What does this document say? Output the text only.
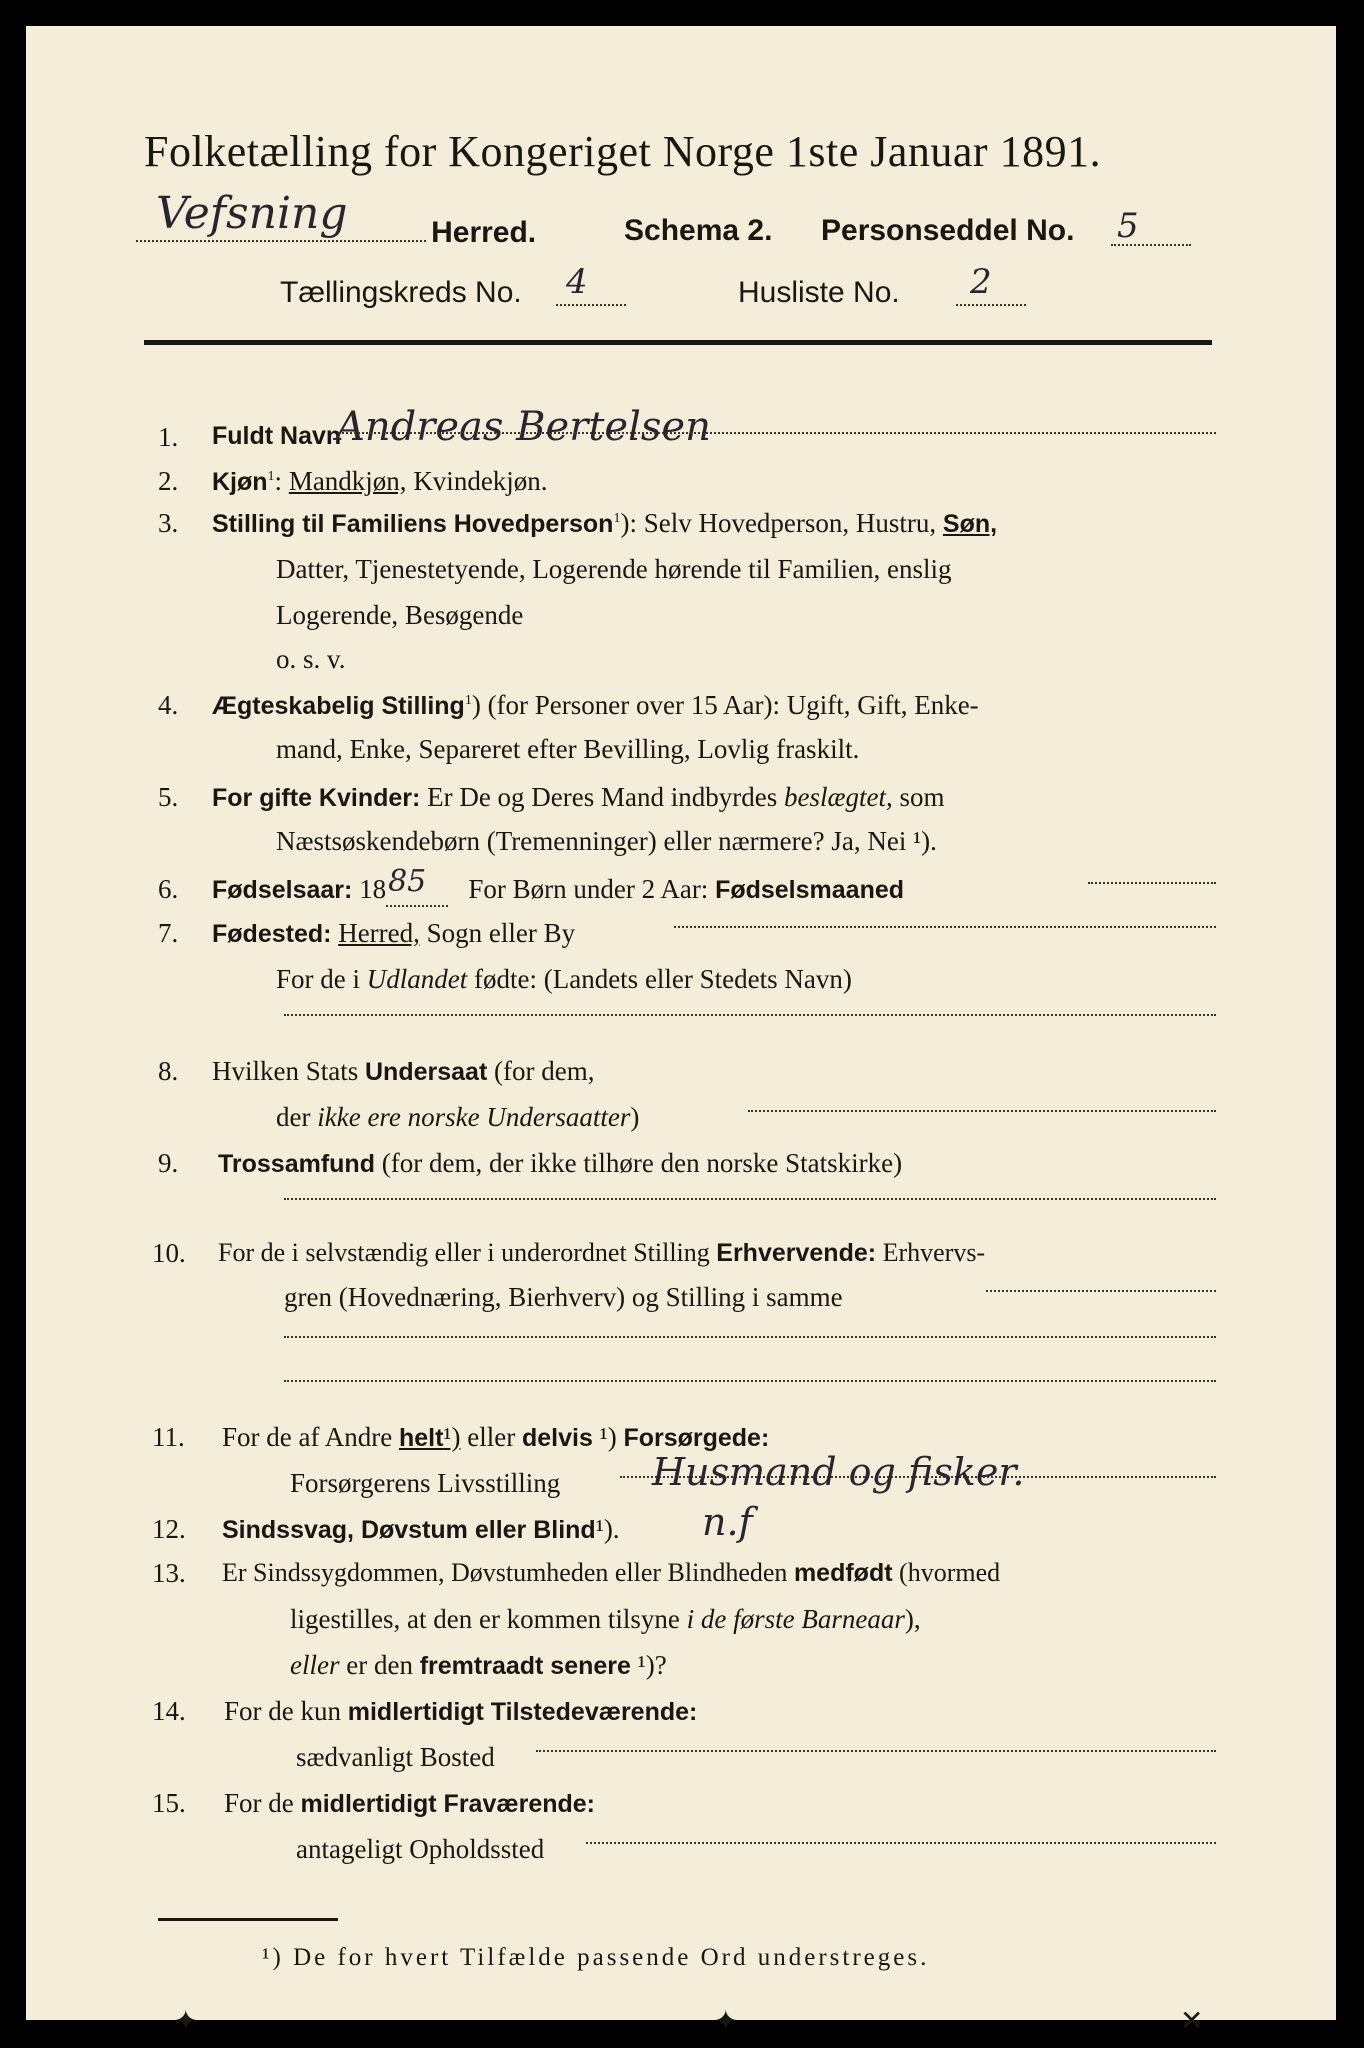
Folketælling for Kongeriget Norge 1ste Januar 1891.
Vefsning	Herred.	Schema 2. Personseddel No. 5
Tællingskreds No. 4	Husliste No. 2
1. Fuldt Navn
Andreas Bertelsen
2. Kjøn$^1$: Mandkjøn, Kvindekjøn.
3. Stilling til Familiens Hovedperson$^1$): Selv Hovedperson, Hustru, Søn,
Datter, Tjenestetyende, Logerende hørende til Familien, enslig
Logerende, Besøgende
o. s. v.
4. Ægteskabelig Stilling$^1$) (for Personer over 15 Aar): Ugift, Gift, Enke-
mand, Enke, Separeret efter Bevilling, Lovlig fraskilt.
5. For gifte Kvinder: Er De og Deres Mand indbyrdes beslægtet, som
Næstsøskendebørn (Tremenninger) eller nærmere? Ja, Nei ¹).
6. Fødselsaar: 18 85 For Børn under 2 Aar: Fødselsmaaned
7. Fødested: Herred, Sogn eller By
For de i Udlandet fødte: (Landets eller Stedets Navn)
8. Hvilken Stats Undersaat (for dem,
der ikke ere norske Undersaatter)
9. Trossamfund (for dem, der ikke tilhøre den norske Statskirke)
10. For de i selvstændig eller i underordnet Stilling Erhvervende: Erhvervs-
gren (Hovednæring, Bierhverv) og Stilling i samme
11. For de af Andre helt¹) eller delvis ¹) Forsørgede:
Forsørgerens Livsstilling Husmand og fisker.
12. Sindssvag, Døvstum eller Blind¹). n.f
13. Er Sindssygdommen, Døvstumheden eller Blindheden medfødt (hvormed
ligestilles, at den er kommen tilsyne i de første Barneaar),
eller er den fremtraadt senere ¹)?
14. For de kun midlertidigt Tilstedeværende:
sædvanligt Bosted
15. For de midlertidigt Fraværende:
antageligt Opholdssted
¹) De for hvert Tilfælde passende Ord understreges.
✦	✦	✕
